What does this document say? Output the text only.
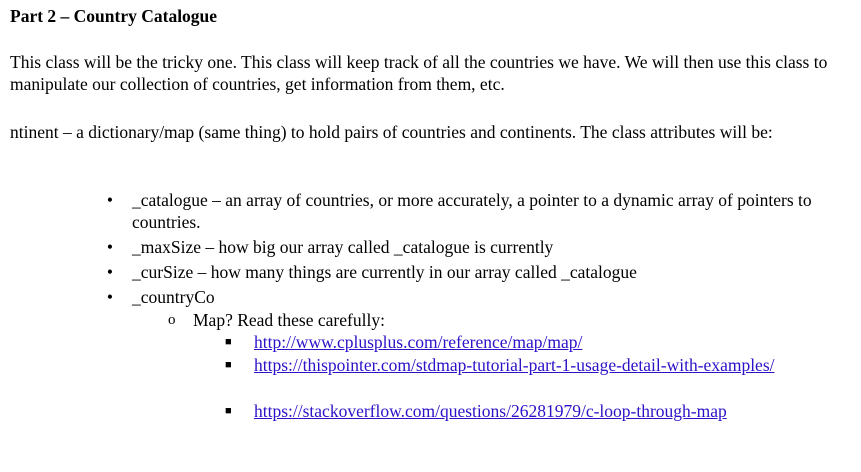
Part 2 – Country Catalogue
This class will be the tricky one. This class will keep track of all the countries we have. We will then use this class to manipulate our collection of countries, get information from them, etc.
ntinent – a dictionary/map (same thing) to hold pairs of countries and continents. The class attributes will be:
• _catalogue – an array of countries, or more accurately, a pointer to a dynamic array of pointers to countries.
• _maxSize – how big our array called _catalogue is currently
• _curSize – how many things are currently in our array called _catalogue
• _countryCo
o Map? Read these carefully:
■ http://www.cplusplus.com/reference/map/map/
■ https://thispointer.com/stdmap-tutorial-part-1-usage-detail-with-examples/
■ https://stackoverflow.com/questions/26281979/c-loop-through-map
